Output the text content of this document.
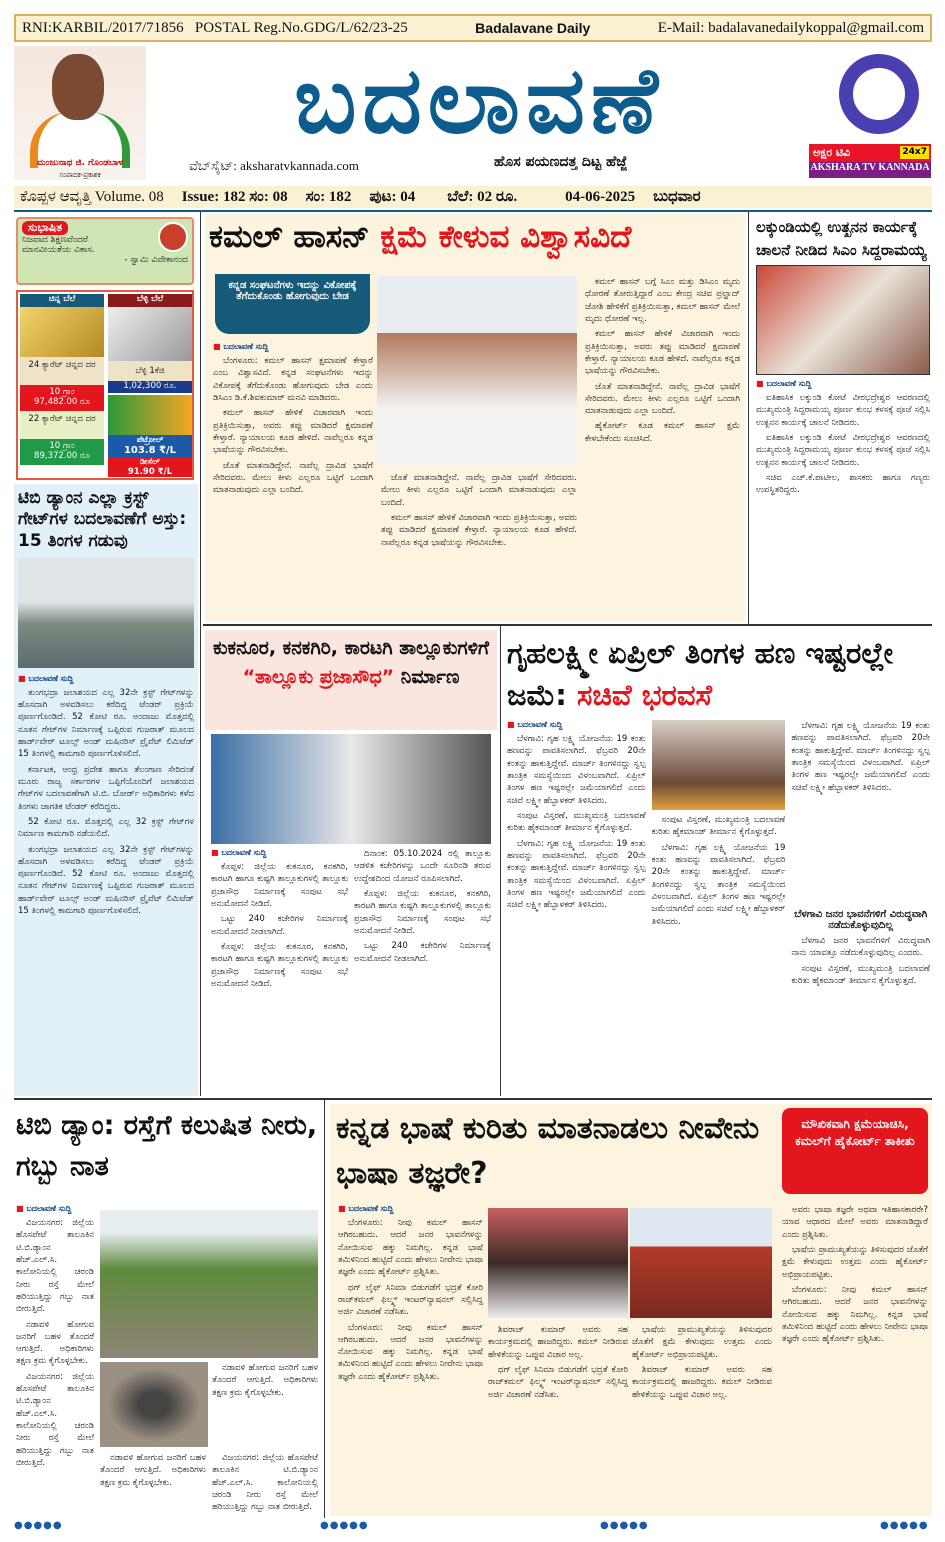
RNI:KARBIL/2017/71856 POSTAL Reg.No.GDG/L/62/23-25	Badalavane Daily	E-Mail: badalavanedailykoppal@gmail.com
ಮಂಜುನಾಥ ಜಿ. ಗೊಂಡಬಾಳ
ಸಂಪಾದಕ-ಪ್ರಕಾಶಕ
ಬದಲಾವಣೆ
ವೆಬ್‌ಸೈಟ್: aksharatvkannada.com	ಹೊಸ ಪಯಣದತ್ತ ದಿಟ್ಟ ಹೆಜ್ಜೆ
ಅಕ್ಷರ ಟಿವಿ	24x7
AKSHARA TV KANNADA
ಕೊಪ್ಪಳ ಆವೃತ್ತಿ Volume. 08 Issue: 182 ಸಂ: 08 ಸಂ: 182 ಪುಟ: 04 ಬೆಲೆ: 02 ರೂ.	04-06-2025 ಬುಧವಾರ
ಸುಭಾಷಿತ
ನಿಜವಾದ ಶಿಕ್ಷಣವೆಂದರೆ
ಮಾನವೀಯತೆಯ ವಿಕಾಸ.
- ಸ್ವಾಮಿ ವಿವೇಕಾನಂದ
ಚಿನ್ನ ಬೆಲೆ
24 ಕ್ಯಾರೆಟ್ ಚಿನ್ನದ ದರ
10 ಗ್ರಾಂ
97,482.00 ರೂ
22 ಕ್ಯಾರೆಟ್ ಚಿನ್ನದ ದರ
10 ಗ್ರಾಂ
89,372.00 ರೂ
ಬೆಳ್ಳಿ ಬೆಲೆ
ಬೆಳ್ಳಿ 1ಕೆಜಿ
1,02,300 ರೂ.
ಪೆಟ್ರೋಲ್
103.8 ₹/L
ಡೀಸೆಲ್
91.90 ₹/L
ಟಿಬಿ ಡ್ಯಾಂನ ಎಲ್ಲಾ ಕ್ರಸ್ಟ್ ಗೇಟ್‌ಗಳ ಬದಲಾವಣೆಗೆ ಅಸ್ತು: 15 ತಿಂಗಳ ಗಡುವು
■ ಬದಲಾವಣೆ ಸುದ್ದಿ

ತುಂಗಭದ್ರಾ ಜಲಾಶಯದ ಎಲ್ಲ 32ನೇ ಕ್ರಸ್ಟ್ ಗೇಟ್‌ಗಳನ್ನು ಹೊಸದಾಗಿ ಅಳವಡಿಸಲು ಕರೆದಿದ್ದ ಟೆಂಡರ್ ಪ್ರಕ್ರಿಯೆ ಪೂರ್ಣಗೊಂಡಿದೆ. 52 ಕೋಟಿ ರೂ. ಅಂದಾಜು ಮೊತ್ತದಲ್ಲಿ ನೂತನ ಗೇಟ್‌ಗಳ ನಿರ್ಮಾಣಕ್ಕೆ ಒಪ್ಪಿರುವ ಗುಜರಾತ್ ಮೂಲದ ಹಾರ್ಡ್‌ವೇರ್ ಟೂಲ್ಸ್ ಅಂಡ್ ಮಷಿನರಿಸ್ ಪ್ರೈವೆಟ್ ಲಿಮಿಟೆಡ್ 15 ತಿಂಗಳಲ್ಲಿ ಕಾಮಗಾರಿ ಪೂರ್ಣಗೊಳಿಸಲಿದೆ.

ಕರ್ನಾಟಕ, ಆಂಧ್ರ ಪ್ರದೇಶ ಹಾಗೂ ತೆಲಂಗಾಣ ಸೇರಿದಂತೆ ಮೂರು ರಾಜ್ಯ ಸರ್ಕಾರಗಳ ಒಪ್ಪಿಗೆಯೊಂದಿಗೆ ಜಲಾಶಯದ ಗೇಟ್‌ಗಳ ಬದಲಾವಣೆಗಾಗಿ ಟಿ.ಬಿ. ಬೋರ್ಡ್ ಅಧಿಕಾರಿಗಳು ಕಳೆದ ತಿಂಗಳು ಜಾಗತಿಕ ಟೆಂಡರ್ ಕರೆದಿದ್ದರು.

52 ಕೋಟಿ ರೂ. ಮೊತ್ತದಲ್ಲಿ ಎಲ್ಲ 32 ಕ್ರಸ್ಟ್ ಗೇಟ್‌ಗಳ ನಿರ್ಮಾಣ ಕಾಮಗಾರಿ ನಡೆಯಲಿದೆ.

ತುಂಗಭದ್ರಾ ಜಲಾಶಯದ ಎಲ್ಲ 32ನೇ ಕ್ರಸ್ಟ್ ಗೇಟ್‌ಗಳನ್ನು ಹೊಸದಾಗಿ ಅಳವಡಿಸಲು ಕರೆದಿದ್ದ ಟೆಂಡರ್ ಪ್ರಕ್ರಿಯೆ ಪೂರ್ಣಗೊಂಡಿದೆ. 52 ಕೋಟಿ ರೂ. ಅಂದಾಜು ಮೊತ್ತದಲ್ಲಿ ನೂತನ ಗೇಟ್‌ಗಳ ನಿರ್ಮಾಣಕ್ಕೆ ಒಪ್ಪಿರುವ ಗುಜರಾತ್ ಮೂಲದ ಹಾರ್ಡ್‌ವೇರ್ ಟೂಲ್ಸ್ ಅಂಡ್ ಮಷಿನರಿಸ್ ಪ್ರೈವೆಟ್ ಲಿಮಿಟೆಡ್ 15 ತಿಂಗಳಲ್ಲಿ ಕಾಮಗಾರಿ ಪೂರ್ಣಗೊಳಿಸಲಿದೆ.

ಕಮಲ್ ಹಾಸನ್ ಕ್ಷಮೆ ಕೇಳುವ ವಿಶ್ವಾಸವಿದೆ
ಕನ್ನಡ ಸಂಘಟನೆಗಳು ಇದನ್ನು ವಿಕೋಪಕ್ಕೆ ತೆಗೆದುಕೊಂಡು ಹೋಗುವುದು ಬೇಡ
■ ಬದಲಾವಣೆ ಸುದ್ದಿ

ಬೆಂಗಳೂರು: ಕಮಲ್ ಹಾಸನ್ ಕ್ಷಮಾಪಣೆ ಕೇಳ್ತಾರೆ ಎಂಬ ವಿಶ್ವಾಸವಿದೆ. ಕನ್ನಡ ಸಂಘಟನೆಗಳು ಇದನ್ನು ವಿಕೋಪಕ್ಕೆ ತೆಗೆದುಕೊಂಡು ಹೋಗುವುದು ಬೇಡ ಎಂದು ಡಿಸಿಎಂ ಡಿ.ಕೆ.ಶಿವಕುಮಾರ್ ಮನವಿ ಮಾಡಿದರು.

ಕಮಲ್ ಹಾಸನ್ ಹೇಳಿಕೆ ವಿಚಾರವಾಗಿ ಇಂದು ಪ್ರತಿಕ್ರಿಯಿಸುತ್ತಾ, ಅವರು ತಪ್ಪು ಮಾಡಿದರೆ ಕ್ಷಮಾಪಣೆ ಕೇಳ್ತಾರೆ. ನ್ಯಾಯಾಲಯ ಕೂಡ ಹೇಳಿದೆ. ನಾವೆಲ್ಲರೂ ಕನ್ನಡ ಭಾಷೆಯನ್ನು ಗೌರವಿಸಬೇಕು.

ಜೊತೆ ಮಾತನಾಡಿದ್ದೇನೆ. ನಾವೆಲ್ಲ ದ್ರಾವಿಡ ಭಾಷೆಗೆ ಸೇರಿದವರು. ಮೇಲು ಕೀಳು ಎಲ್ಲರೂ ಒಟ್ಟಿಗೆ ಒಂದಾಗಿ ಮಾತನಾಡುವುದು ಎಲ್ಲಾ ಬಂದಿದೆ.

ಜೊತೆ ಮಾತನಾಡಿದ್ದೇನೆ. ನಾವೆಲ್ಲ ದ್ರಾವಿಡ ಭಾಷೆಗೆ ಸೇರಿದವರು. ಮೇಲು ಕೀಳು ಎಲ್ಲರೂ ಒಟ್ಟಿಗೆ ಒಂದಾಗಿ ಮಾತನಾಡುವುದು ಎಲ್ಲಾ ಬಂದಿದೆ.

ಕಮಲ್ ಹಾಸನ್ ಹೇಳಿಕೆ ವಿಚಾರವಾಗಿ ಇಂದು ಪ್ರತಿಕ್ರಿಯಿಸುತ್ತಾ, ಅವರು ತಪ್ಪು ಮಾಡಿದರೆ ಕ್ಷಮಾಪಣೆ ಕೇಳ್ತಾರೆ. ನ್ಯಾಯಾಲಯ ಕೂಡ ಹೇಳಿದೆ. ನಾವೆಲ್ಲರೂ ಕನ್ನಡ ಭಾಷೆಯನ್ನು ಗೌರವಿಸಬೇಕು.

ಕಮಲ್ ಹಾಸನ್ ಬಗ್ಗೆ ಸಿಎಂ ಮತ್ತು ಡಿಸಿಎಂ ಮೃದು ಧೋರಣೆ ತೋರುತ್ತಿದ್ದಾರೆ ಎಂಬ ಕೇಂದ್ರ ಸಚಿವ ಪ್ರಲ್ಹಾದ್ ಜೋಶಿ ಹೇಳಿಕೆಗೆ ಪ್ರತಿಕ್ರಿಯಿಸುತ್ತಾ, ಕಮಲ್ ಹಾಸನ್ ಮೇಲೆ ಮೃದು ಧೋರಣೆ ಇಲ್ಲ.

ಕಮಲ್ ಹಾಸನ್ ಹೇಳಿಕೆ ವಿಚಾರವಾಗಿ ಇಂದು ಪ್ರತಿಕ್ರಿಯಿಸುತ್ತಾ, ಅವರು ತಪ್ಪು ಮಾಡಿದರೆ ಕ್ಷಮಾಪಣೆ ಕೇಳ್ತಾರೆ. ನ್ಯಾಯಾಲಯ ಕೂಡ ಹೇಳಿದೆ. ನಾವೆಲ್ಲರೂ ಕನ್ನಡ ಭಾಷೆಯನ್ನು ಗೌರವಿಸಬೇಕು.

ಜೊತೆ ಮಾತನಾಡಿದ್ದೇನೆ. ನಾವೆಲ್ಲ ದ್ರಾವಿಡ ಭಾಷೆಗೆ ಸೇರಿದವರು. ಮೇಲು ಕೀಳು ಎಲ್ಲರೂ ಒಟ್ಟಿಗೆ ಒಂದಾಗಿ ಮಾತನಾಡುವುದು ಎಲ್ಲಾ ಬಂದಿದೆ.

ಹೈಕೋರ್ಟ್ ಕೂಡ ಕಮಲ್ ಹಾಸನ್ ಕ್ಷಮೆ ಕೇಳಬೇಕೆಂದು ಸೂಚಿಸಿದೆ.

ಲಕ್ಕುಂಡಿಯಲ್ಲಿ ಉತ್ಖನನ ಕಾರ್ಯಕ್ಕೆ ಚಾಲನೆ ನೀಡಿದ ಸಿಎಂ ಸಿದ್ದರಾಮಯ್ಯ
■ ಬದಲಾವಣೆ ಸುದ್ದಿ

ಐತಿಹಾಸಿಕ ಲಕ್ಕುಂಡಿ ಕೋಟೆ ವೀರಭದ್ರೇಶ್ವರ ಆವರಣದಲ್ಲಿ ಮುಖ್ಯಮಂತ್ರಿ ಸಿದ್ದರಾಮಯ್ಯ ಪೂರ್ಣ ಕುಂಭ ಕಳಸಕ್ಕೆ ಪೂಜೆ ಸಲ್ಲಿಸಿ ಉತ್ಖನನ ಕಾರ್ಯಕ್ಕೆ ಚಾಲನೆ ನೀಡಿದರು.

ಐತಿಹಾಸಿಕ ಲಕ್ಕುಂಡಿ ಕೋಟೆ ವೀರಭದ್ರೇಶ್ವರ ಆವರಣದಲ್ಲಿ ಮುಖ್ಯಮಂತ್ರಿ ಸಿದ್ದರಾಮಯ್ಯ ಪೂರ್ಣ ಕುಂಭ ಕಳಸಕ್ಕೆ ಪೂಜೆ ಸಲ್ಲಿಸಿ ಉತ್ಖನನ ಕಾರ್ಯಕ್ಕೆ ಚಾಲನೆ ನೀಡಿದರು.

ಸಚಿವ ಎಚ್.ಕೆ.ಪಾಟೀಲ, ಶಾಸಕರು ಹಾಗೂ ಗಣ್ಯರು ಉಪಸ್ಥಿತರಿದ್ದರು.

ಕುಕನೂರ, ಕನಕಗಿರಿ, ಕಾರಟಗಿ ತಾಲ್ಲೂಕುಗಳಿಗೆ “ತಾಲ್ಲೂಕು ಪ್ರಜಾಸೌಧ” ನಿರ್ಮಾಣ
■ ಬದಲಾವಣೆ ಸುದ್ದಿ

ಕೊಪ್ಪಳ: ಜಿಲ್ಲೆಯ ಕುಕನೂರ, ಕನಕಗಿರಿ, ಕಾರಟಗಿ ಹಾಗೂ ಕುಷ್ಟಗಿ ತಾಲ್ಲೂಕುಗಳಲ್ಲಿ ತಾಲ್ಲೂಕು ಪ್ರಜಾಸೌಧ ನಿರ್ಮಾಣಕ್ಕೆ ಸಂಪುಟ ಸಭೆ ಅನುಮೋದನೆ ನೀಡಿದೆ.

ಒಟ್ಟು 240 ಕಚೇರಿಗಳ ನಿರ್ಮಾಣಕ್ಕೆ ಅನುಮೋದನೆ ನೀಡಲಾಗಿದೆ.

ಕೊಪ್ಪಳ: ಜಿಲ್ಲೆಯ ಕುಕನೂರ, ಕನಕಗಿರಿ, ಕಾರಟಗಿ ಹಾಗೂ ಕುಷ್ಟಗಿ ತಾಲ್ಲೂಕುಗಳಲ್ಲಿ ತಾಲ್ಲೂಕು ಪ್ರಜಾಸೌಧ ನಿರ್ಮಾಣಕ್ಕೆ ಸಂಪುಟ ಸಭೆ ಅನುಮೋದನೆ ನೀಡಿದೆ.

ದಿನಾಂಕ: 05.10.2024 ರಲ್ಲಿ ತಾಲ್ಲೂಕು ಆಡಳಿತ ಕಚೇರಿಗಳನ್ನು ಒಂದೇ ಸೂರಿನಡಿ ತರುವ ಉದ್ದೇಶದಿಂದ ಯೋಜನೆ ರೂಪಿಸಲಾಗಿದೆ.

ಕೊಪ್ಪಳ: ಜಿಲ್ಲೆಯ ಕುಕನೂರ, ಕನಕಗಿರಿ, ಕಾರಟಗಿ ಹಾಗೂ ಕುಷ್ಟಗಿ ತಾಲ್ಲೂಕುಗಳಲ್ಲಿ ತಾಲ್ಲೂಕು ಪ್ರಜಾಸೌಧ ನಿರ್ಮಾಣಕ್ಕೆ ಸಂಪುಟ ಸಭೆ ಅನುಮೋದನೆ ನೀಡಿದೆ.

ಒಟ್ಟು 240 ಕಚೇರಿಗಳ ನಿರ್ಮಾಣಕ್ಕೆ ಅನುಮೋದನೆ ನೀಡಲಾಗಿದೆ.

ಗೃಹಲಕ್ಷ್ಮೀ ಏಪ್ರಿಲ್ ತಿಂಗಳ ಹಣ ಇಷ್ಟರಲ್ಲೇ ಜಮೆ: ಸಚಿವೆ ಭರವಸೆ
■ ಬದಲಾವಣೆ ಸುದ್ದಿ

ಬೆಳಗಾವಿ: ಗೃಹ ಲಕ್ಷ್ಮಿ ಯೋಜನೆಯ 19 ಕಂತು ಹಣವನ್ನು ಪಾವತಿಸಲಾಗಿದೆ. ಫೆಬ್ರವರಿ 20ನೇ ಕಂತನ್ನು ಹಾಕುತ್ತಿದ್ದೇವೆ. ಮಾರ್ಚ್ ತಿಂಗಳಿನದ್ದು ಸ್ವಲ್ಪ ತಾಂತ್ರಿಕ ಸಮಸ್ಯೆಯಿಂದ ವಿಳಂಬವಾಗಿದೆ. ಏಪ್ರಿಲ್ ತಿಂಗಳ ಹಣ ಇಷ್ಟರಲ್ಲೇ ಜಮೆಯಾಗಲಿದೆ ಎಂದು ಸಚಿವೆ ಲಕ್ಷ್ಮೀ ಹೆಬ್ಬಾಳಕರ್ ತಿಳಿಸಿದರು.

ಸಂಪುಟ ವಿಸ್ತರಣೆ, ಮುಖ್ಯಮಂತ್ರಿ ಬದಲಾವಣೆ ಕುರಿತು ಹೈಕಮಾಂಡ್ ತೀರ್ಮಾನ ಕೈಗೊಳ್ಳುತ್ತದೆ.

ಬೆಳಗಾವಿ: ಗೃಹ ಲಕ್ಷ್ಮಿ ಯೋಜನೆಯ 19 ಕಂತು ಹಣವನ್ನು ಪಾವತಿಸಲಾಗಿದೆ. ಫೆಬ್ರವರಿ 20ನೇ ಕಂತನ್ನು ಹಾಕುತ್ತಿದ್ದೇವೆ. ಮಾರ್ಚ್ ತಿಂಗಳಿನದ್ದು ಸ್ವಲ್ಪ ತಾಂತ್ರಿಕ ಸಮಸ್ಯೆಯಿಂದ ವಿಳಂಬವಾಗಿದೆ. ಏಪ್ರಿಲ್ ತಿಂಗಳ ಹಣ ಇಷ್ಟರಲ್ಲೇ ಜಮೆಯಾಗಲಿದೆ ಎಂದು ಸಚಿವೆ ಲಕ್ಷ್ಮೀ ಹೆಬ್ಬಾಳಕರ್ ತಿಳಿಸಿದರು.

ಸಂಪುಟ ವಿಸ್ತರಣೆ, ಮುಖ್ಯಮಂತ್ರಿ ಬದಲಾವಣೆ ಕುರಿತು ಹೈಕಮಾಂಡ್ ತೀರ್ಮಾನ ಕೈಗೊಳ್ಳುತ್ತದೆ.

ಬೆಳಗಾವಿ: ಗೃಹ ಲಕ್ಷ್ಮಿ ಯೋಜನೆಯ 19 ಕಂತು ಹಣವನ್ನು ಪಾವತಿಸಲಾಗಿದೆ. ಫೆಬ್ರವರಿ 20ನೇ ಕಂತನ್ನು ಹಾಕುತ್ತಿದ್ದೇವೆ. ಮಾರ್ಚ್ ತಿಂಗಳಿನದ್ದು ಸ್ವಲ್ಪ ತಾಂತ್ರಿಕ ಸಮಸ್ಯೆಯಿಂದ ವಿಳಂಬವಾಗಿದೆ. ಏಪ್ರಿಲ್ ತಿಂಗಳ ಹಣ ಇಷ್ಟರಲ್ಲೇ ಜಮೆಯಾಗಲಿದೆ ಎಂದು ಸಚಿವೆ ಲಕ್ಷ್ಮೀ ಹೆಬ್ಬಾಳಕರ್ ತಿಳಿಸಿದರು.

ಬೆಳಗಾವಿ: ಗೃಹ ಲಕ್ಷ್ಮಿ ಯೋಜನೆಯ 19 ಕಂತು ಹಣವನ್ನು ಪಾವತಿಸಲಾಗಿದೆ. ಫೆಬ್ರವರಿ 20ನೇ ಕಂತನ್ನು ಹಾಕುತ್ತಿದ್ದೇವೆ. ಮಾರ್ಚ್ ತಿಂಗಳಿನದ್ದು ಸ್ವಲ್ಪ ತಾಂತ್ರಿಕ ಸಮಸ್ಯೆಯಿಂದ ವಿಳಂಬವಾಗಿದೆ. ಏಪ್ರಿಲ್ ತಿಂಗಳ ಹಣ ಇಷ್ಟರಲ್ಲೇ ಜಮೆಯಾಗಲಿದೆ ಎಂದು ಸಚಿವೆ ಲಕ್ಷ್ಮೀ ಹೆಬ್ಬಾಳಕರ್ ತಿಳಿಸಿದರು.

ಬೆಳಗಾವಿ ಜನರ ಭಾವನೆಗಳಿಗೆ ವಿರುದ್ಧವಾಗಿ ನಡೆದುಕೊಳ್ಳುವುದಿಲ್ಲ

ಬೆಳಗಾವಿ ಜನರ ಭಾವನೆಗಳಿಗೆ ವಿರುದ್ಧವಾಗಿ ನಾನು ಯಾವತ್ತೂ ನಡೆದುಕೊಳ್ಳುವುದಿಲ್ಲ ಎಂದರು.

ಸಂಪುಟ ವಿಸ್ತರಣೆ, ಮುಖ್ಯಮಂತ್ರಿ ಬದಲಾವಣೆ ಕುರಿತು ಹೈಕಮಾಂಡ್ ತೀರ್ಮಾನ ಕೈಗೊಳ್ಳುತ್ತದೆ.

ಟಿಬಿ ಡ್ಯಾಂ: ರಸ್ತೆಗೆ ಕಲುಷಿತ ನೀರು, ಗಬ್ಬು ನಾತ
■ ಬದಲಾವಣೆ ಸುದ್ದಿ

ವಿಜಯನಗರ: ಜಿಲ್ಲೆಯ ಹೊಸಪೇಟೆ ತಾಲೂಕಿನ ಟಿ.ಬಿ.ಡ್ಯಾಂನ ಹೆಚ್.ಎಲ್.ಸಿ. ಕಾಲೋನಿಯಲ್ಲಿ ಚರಂಡಿ ನೀರು ರಸ್ತೆ ಮೇಲೆ ಹರಿಯುತ್ತಿದ್ದು ಗಬ್ಬು ನಾತ ಬೀರುತ್ತಿದೆ.

ನಡಾವಳಿ ಹೋಗುವ ಜನರಿಗೆ ಬಹಳ ತೊಂದರೆ ಆಗುತ್ತಿದೆ. ಅಧಿಕಾರಿಗಳು ತಕ್ಷಣ ಕ್ರಮ ಕೈಗೊಳ್ಳಬೇಕು.

ವಿಜಯನಗರ: ಜಿಲ್ಲೆಯ ಹೊಸಪೇಟೆ ತಾಲೂಕಿನ ಟಿ.ಬಿ.ಡ್ಯಾಂನ ಹೆಚ್.ಎಲ್.ಸಿ. ಕಾಲೋನಿಯಲ್ಲಿ ಚರಂಡಿ ನೀರು ರಸ್ತೆ ಮೇಲೆ ಹರಿಯುತ್ತಿದ್ದು ಗಬ್ಬು ನಾತ ಬೀರುತ್ತಿದೆ.

ನಡಾವಳಿ ಹೋಗುವ ಜನರಿಗೆ ಬಹಳ ತೊಂದರೆ ಆಗುತ್ತಿದೆ. ಅಧಿಕಾರಿಗಳು ತಕ್ಷಣ ಕ್ರಮ ಕೈಗೊಳ್ಳಬೇಕು.

ನಡಾವಳಿ ಹೋಗುವ ಜನರಿಗೆ ಬಹಳ ತೊಂದರೆ ಆಗುತ್ತಿದೆ. ಅಧಿಕಾರಿಗಳು ತಕ್ಷಣ ಕ್ರಮ ಕೈಗೊಳ್ಳಬೇಕು.

ವಿಜಯನಗರ: ಜಿಲ್ಲೆಯ ಹೊಸಪೇಟೆ ತಾಲೂಕಿನ ಟಿ.ಬಿ.ಡ್ಯಾಂನ ಹೆಚ್.ಎಲ್.ಸಿ. ಕಾಲೋನಿಯಲ್ಲಿ ಚರಂಡಿ ನೀರು ರಸ್ತೆ ಮೇಲೆ ಹರಿಯುತ್ತಿದ್ದು ಗಬ್ಬು ನಾತ ಬೀರುತ್ತಿದೆ.

ಕನ್ನಡ ಭಾಷೆ ಕುರಿತು ಮಾತನಾಡಲು ನೀವೇನು ಭಾಷಾ ತಜ್ಞರೇ?
ಮೌಖಿಕವಾಗಿ ಕ್ಷಮೆಯಾಚಿಸಿ, ಕಮಲ್‌ಗೆ ಹೈಕೋರ್ಟ್ ತಾಕೀತು
■ ಬದಲಾವಣೆ ಸುದ್ದಿ

ಬೆಂಗಳೂರು: ನೀವು ಕಮಲ್ ಹಾಸನ್ ಆಗಿರಬಹುದು. ಆದರೆ ಜನರ ಭಾವನೆಗಳನ್ನು ನೋಯಿಸುವ ಹಕ್ಕು ನಿಮಗಿಲ್ಲ. ಕನ್ನಡ ಭಾಷೆ ತಮಿಳಿನಿಂದ ಹುಟ್ಟಿದೆ ಎಂದು ಹೇಳಲು ನೀವೇನು ಭಾಷಾ ತಜ್ಞರೇ ಎಂದು ಹೈಕೋರ್ಟ್ ಪ್ರಶ್ನಿಸಿತು.

ಥಗ್ ಲೈಫ್ ಸಿನಿಮಾ ಬಿಡುಗಡೆಗೆ ಭದ್ರತೆ ಕೋರಿ ರಾಜ್‌ಕಮಲ್ ಫಿಲ್ಮ್ಸ್ ಇಂಟರ್‌ನ್ಯಾಷನಲ್ ಸಲ್ಲಿಸಿದ್ದ ಅರ್ಜಿ ವಿಚಾರಣೆ ನಡೆಸಿತು.

ಬೆಂಗಳೂರು: ನೀವು ಕಮಲ್ ಹಾಸನ್ ಆಗಿರಬಹುದು. ಆದರೆ ಜನರ ಭಾವನೆಗಳನ್ನು ನೋಯಿಸುವ ಹಕ್ಕು ನಿಮಗಿಲ್ಲ. ಕನ್ನಡ ಭಾಷೆ ತಮಿಳಿನಿಂದ ಹುಟ್ಟಿದೆ ಎಂದು ಹೇಳಲು ನೀವೇನು ಭಾಷಾ ತಜ್ಞರೇ ಎಂದು ಹೈಕೋರ್ಟ್ ಪ್ರಶ್ನಿಸಿತು.

ಶಿವರಾಜ್ ಕುಮಾರ್ ಅವರು ಸಹ ಕಾರ್ಯಕ್ರಮದಲ್ಲಿ ಹಾಜರಿದ್ದರು. ಕಮಲ್ ನೀಡಿರುವ ಹೇಳಿಕೆಯನ್ನು ಒಪ್ಪುವ ವಿಚಾರ ಅಲ್ಲ.

ಥಗ್ ಲೈಫ್ ಸಿನಿಮಾ ಬಿಡುಗಡೆಗೆ ಭದ್ರತೆ ಕೋರಿ ರಾಜ್‌ಕಮಲ್ ಫಿಲ್ಮ್ಸ್ ಇಂಟರ್‌ನ್ಯಾಷನಲ್ ಸಲ್ಲಿಸಿದ್ದ ಅರ್ಜಿ ವಿಚಾರಣೆ ನಡೆಸಿತು.

ಭಾಷೆಯ ಪ್ರಾಮುಖ್ಯತೆಯನ್ನು ತಿಳಿಸುವುದರ ಜೊತೆಗೆ ಕ್ಷಮೆ ಕೇಳುವುದು ಉತ್ತಮ ಎಂದು ಹೈಕೋರ್ಟ್ ಅಭಿಪ್ರಾಯಪಟ್ಟಿತು.

ಶಿವರಾಜ್ ಕುಮಾರ್ ಅವರು ಸಹ ಕಾರ್ಯಕ್ರಮದಲ್ಲಿ ಹಾಜರಿದ್ದರು. ಕಮಲ್ ನೀಡಿರುವ ಹೇಳಿಕೆಯನ್ನು ಒಪ್ಪುವ ವಿಚಾರ ಅಲ್ಲ.

ಅವರು ಭಾಷಾ ತಜ್ಞರೇ ಅಥವಾ ಇತಿಹಾಸಕಾರರೇ? ಯಾವ ಆಧಾರದ ಮೇಲೆ ಅವರು ಮಾತನಾಡಿದ್ದಾರೆ ಎಂದು ಪ್ರಶ್ನಿಸಿತು.

ಭಾಷೆಯ ಪ್ರಾಮುಖ್ಯತೆಯನ್ನು ತಿಳಿಸುವುದರ ಜೊತೆಗೆ ಕ್ಷಮೆ ಕೇಳುವುದು ಉತ್ತಮ ಎಂದು ಹೈಕೋರ್ಟ್ ಅಭಿಪ್ರಾಯಪಟ್ಟಿತು.

ಬೆಂಗಳೂರು: ನೀವು ಕಮಲ್ ಹಾಸನ್ ಆಗಿರಬಹುದು. ಆದರೆ ಜನರ ಭಾವನೆಗಳನ್ನು ನೋಯಿಸುವ ಹಕ್ಕು ನಿಮಗಿಲ್ಲ. ಕನ್ನಡ ಭಾಷೆ ತಮಿಳಿನಿಂದ ಹುಟ್ಟಿದೆ ಎಂದು ಹೇಳಲು ನೀವೇನು ಭಾಷಾ ತಜ್ಞರೇ ಎಂದು ಹೈಕೋರ್ಟ್ ಪ್ರಶ್ನಿಸಿತು.

●●●●●	●●●●●	●●●●●	●●●●●
